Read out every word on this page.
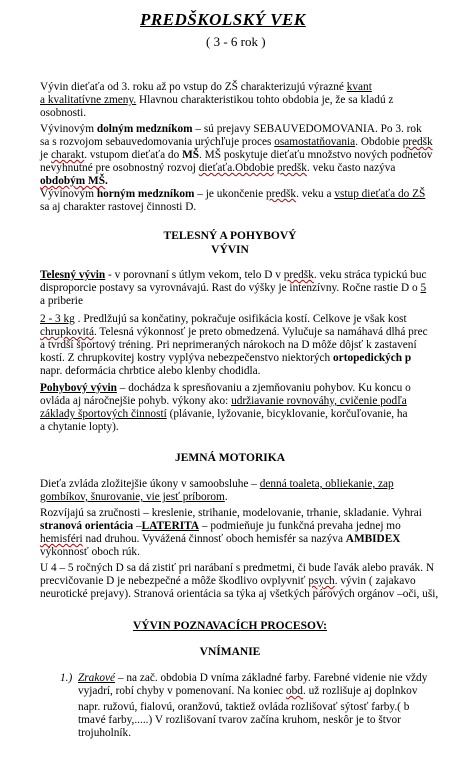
PREDŠKOLSKÝ VEK
( 3 - 6 rok )
Vývin dieťaťa od 3. roku až po vstup do ZŠ charakterizujú výrazné kvant
a kvalitatívne zmeny. Hlavnou charakteristikou tohto obdobia je, že sa kladú z
osobnosti.
Vývinovým dolným medzníkom – sú prejavy SEBAUVEDOMOVANIA. Po 3. rok
sa s rozvojom sebauvedomovania urýchľuje proces osamostatňovania. Obdobie predšk
je charakt. vstupom dieťaťa do MŠ. MŠ poskytuje dieťaťu množstvo nových podnetov
nevyhnutné pre osobnostný rozvoj dieťaťa.Obdobie predšk. veku často nazýva
obdobým MŠ.
Vývinovým horným medzníkom – je ukončenie predšk. veku a vstup dieťaťa do ZŠ
sa aj charakter rastovej činnosti D.
TELESNÝ A POHYBOVÝ
VÝVIN
Telesný vývin - v porovnaní s útlym vekom, telo D v predšk. veku stráca typickú buc
disproporcie postavy sa vyrovnávajú. Rast do výšky je intenzívny. Ročne rastie D o 5
a priberie
2 - 3 kg . Predlžujú sa končatiny, pokračuje osifikácia kostí. Celkove je však kost
chrupkovitá. Telesná výkonnosť je preto obmedzená. Vylučuje sa namáhavá dlhá prec
a tvrdší športový tréning. Pri neprimeraných nárokoch na D môže dôjsť k zastavení
kostí. Z chrupkovitej kostry vyplýva nebezpečenstvo niektorých ortopedických p
napr. deformácia chrbtice alebo klenby chodidla.
Pohybový vývin – dochádza k spresňovaniu a zjemňovaniu pohybov. Ku koncu o
ovláda aj náročnejšie pohyb. výkony ako: udržiavanie rovnováhy, cvičenie podľa
základy športových činností (plávanie, lyžovanie, bicyklovanie, korčuľovanie, ha
a chytanie lopty).
JEMNÁ MOTORIKA
Dieťa zvláda zložitejšie úkony v samoobsluhe – denná toaleta, obliekanie, zap
gombíkov, šnurovanie, vie jesť príborom.
Rozvíjajú sa zručnosti – kreslenie, strihanie, modelovanie, trhanie, skladanie. Vyhrai
stranová orientácia –LATERITA – podmieňuje ju funkčná prevaha jednej mo
hemisféri nad druhou. Vyvážená činnosť oboch hemisfér sa nazýva AMBIDEX
výkonnosť oboch rúk.
U 4 – 5 ročných D sa dá zistiť pri narábaní s predmetmi, či bude ľavák alebo pravák. N
precvičovanie D je nebezpečné a môže škodlivo ovplyvniť psych. vývin ( zajakavo
neurotické prejavy). Stranová orientácia sa týka aj všetkých párových orgánov –oči, uši,
VÝVIN POZNAVACÍCH PROCESOV:
VNÍMANIE
1.) Zrakové – na zač. obdobia D vníma základné farby. Farebné videnie nie vždy
vyjadrí, robí chyby v pomenovaní. Na koniec obd. už rozlišuje aj doplnkov
napr. ružovú, fialovú, oranžovú, taktiež ovláda rozlišovať sýtosť farby.( b
tmavé farby,.....) V rozlišovaní tvarov začína kruhom, neskôr je to štvor
trojuholník.
